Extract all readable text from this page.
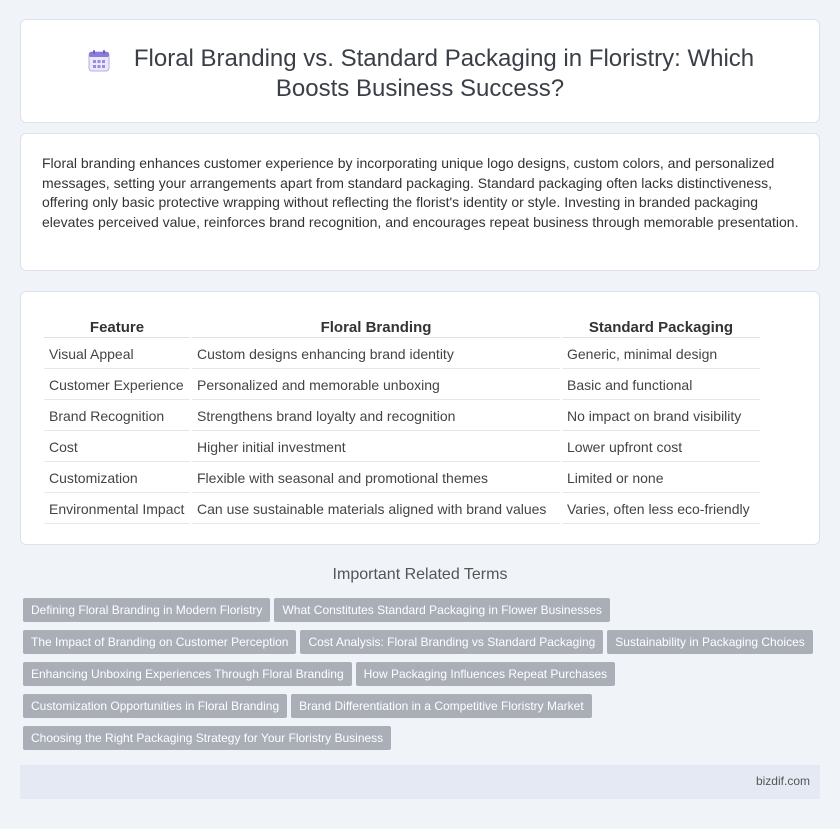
Floral Branding vs. Standard Packaging in Floristry: Which Boosts Business Success?

Floral branding enhances customer experience by incorporating unique logo designs, custom colors, and personalized messages, setting your arrangements apart from standard packaging. Standard packaging often lacks distinctiveness, offering only basic protective wrapping without reflecting the florist's identity or style. Investing in branded packaging elevates perceived value, reinforces brand recognition, and encourages repeat business through memorable presentation.

Feature	Floral Branding	Standard Packaging
Visual Appeal	Custom designs enhancing brand identity	Generic, minimal design
Customer Experience	Personalized and memorable unboxing	Basic and functional
Brand Recognition	Strengthens brand loyalty and recognition	No impact on brand visibility
Cost	Higher initial investment	Lower upfront cost
Customization	Flexible with seasonal and promotional themes	Limited or none
Environmental Impact	Can use sustainable materials aligned with brand values	Varies, often less eco-friendly
Important Related Terms
Defining Floral Branding in Modern Floristry What Constitutes Standard Packaging in Flower Businesses
The Impact of Branding on Customer Perception Cost Analysis: Floral Branding vs Standard Packaging Sustainability in Packaging Choices
Enhancing Unboxing Experiences Through Floral Branding How Packaging Influences Repeat Purchases
Customization Opportunities in Floral Branding Brand Differentiation in a Competitive Floristry Market
Choosing the Right Packaging Strategy for Your Floristry Business
bizdif.com
